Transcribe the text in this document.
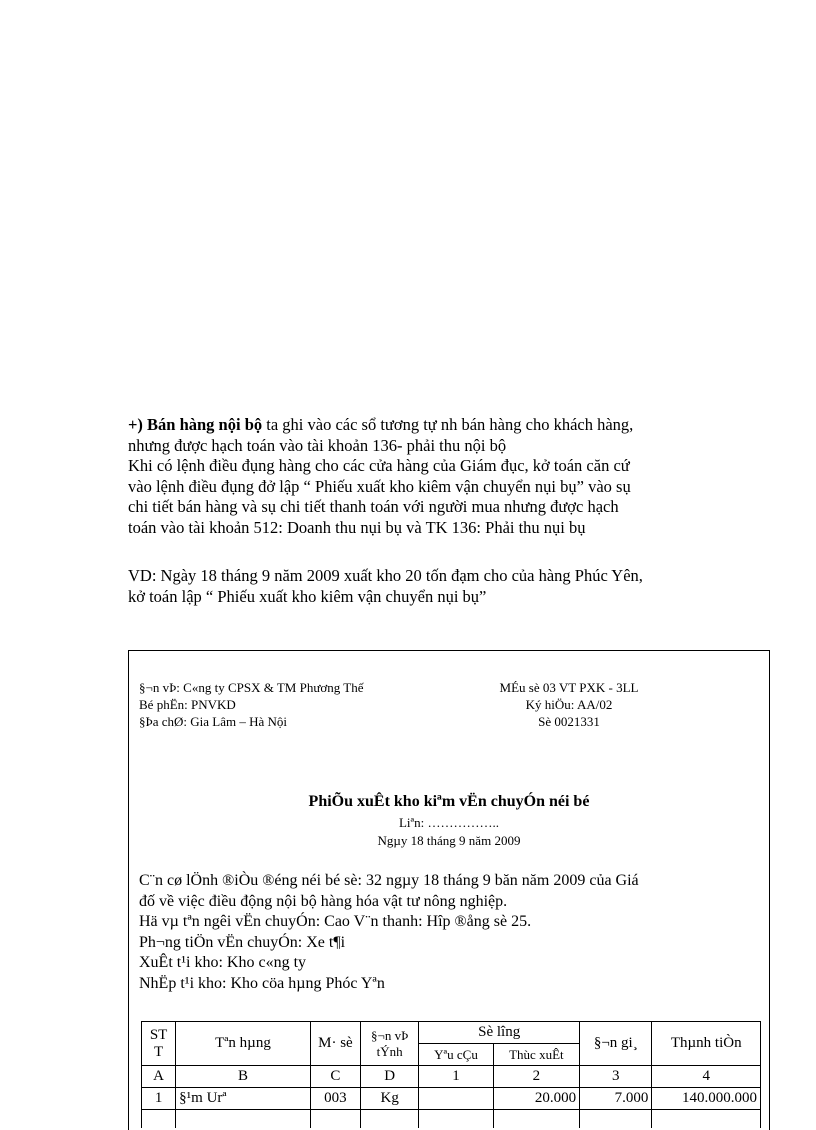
+) Bán hàng nội bộ ta ghi vào các sổ tương tự nh bán hàng cho khách hàng,

nhưng được hạch toán vào tài khoản 136- phải thu nội bộ

Khi có lệnh điều đụng hàng cho các cửa hàng của Giám đục, kở toán căn cứ

vào lệnh điều đụng đở lập “ Phiếu xuất kho kiêm vận chuyển nụi bụ” vào sụ

chi tiết bán hàng và sụ chi tiết thanh toán với người mua nhưng được hạch

toán vào tài khoản 512: Doanh thu nụi bụ và TK 136: Phải thu nụi bụ

VD: Ngày 18 tháng 9 năm 2009 xuất kho 20 tốn đạm cho của hàng Phúc Yên,

kở toán lập “ Phiếu xuất kho kiêm vận chuyển nụi bụ”

§¬n vÞ: C«ng ty CPSX & TM Phương Thế
Bé phËn: PNVKD
§Þa chØ: Gia Lâm – Hà Nội
MÉu sè 03 VT PXK - 3LL
Ký hiÖu: AA/02
Sè 0021331
PhiÕu xuÊt kho kiªm vËn chuyÓn néi bé
Liªn: ……………..
Ngµy 18 tháng 9 năm 2009
C¨n cø lÖnh ®iÒu ®éng néi bé sè: 32 ngµy 18 tháng 9 băn năm 2009 của Giá
đố về việc điều động nội bộ hàng hóa vật tư nông nghiệp.
Hä vµ tªn ngêi vËn chuyÓn: Cao V¨n thanh: Hîp ®ång sè 25.
Ph¬ng tiÖn vËn chuyÓn: Xe t¶i
XuÊt t¹i kho: Kho c«ng ty
NhËp t¹i kho: Kho cöa hµng Phóc Yªn
ST T	Tªn hµng	M· sè	§¬n vÞ tÝnh	Sè lîng		§¬n gi¸	Thµnh tiÒn
				Yªu cÇu	Thùc xuÊt		
A	B	C	D	1	2	3	4
1	§¹m Urª	003	Kg		20.000	7.000	140.000.000
